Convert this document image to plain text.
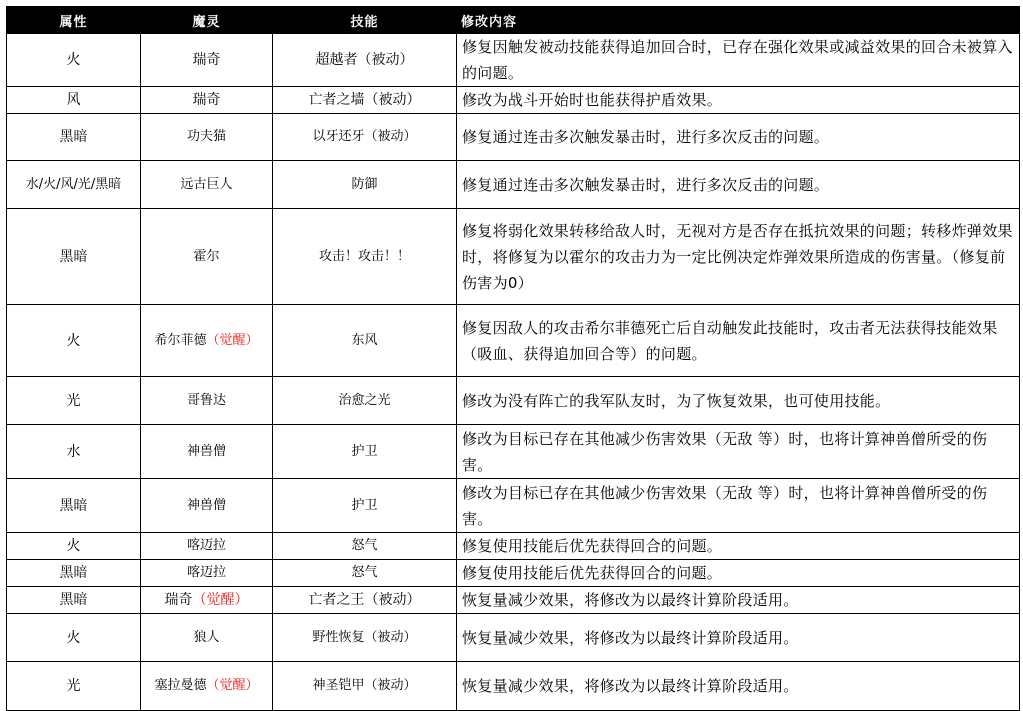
属性	魔灵	技能	修改内容
火	瑞奇	超越者（被动）	修复因触发被动技能获得追加回合时，已存在强化效果或减益效果的回合未被算入的问题。
风	瑞奇	亡者之墙（被动）	修改为战斗开始时也能获得护盾效果。
黑暗	功夫猫	以牙还牙（被动）	修复通过连击多次触发暴击时，进行多次反击的问题。
水/火/风/光/黑暗	远古巨人	防御	修复通过连击多次触发暴击时，进行多次反击的问题。
黑暗	霍尔	攻击！攻击！！	修复将弱化效果转移给敌人时，无视对方是否存在抵抗效果的问题；转移炸弹效果时，将修复为以霍尔的攻击力为一定比例决定炸弹效果所造成的伤害量。（修复前伤害为0）
火	希尔菲德（觉醒）	东风	修复因敌人的攻击希尔菲德死亡后自动触发此技能时，攻击者无法获得技能效果（吸血、获得追加回合等）的问题。
光	哥鲁达	治愈之光	修改为没有阵亡的我军队友时，为了恢复效果，也可使用技能。
水	神兽僧	护卫	修改为目标已存在其他减少伤害效果（无敌 等）时，也将计算神兽僧所受的伤害。
黑暗	神兽僧	护卫	修改为目标已存在其他减少伤害效果（无敌 等）时，也将计算神兽僧所受的伤害。
火	喀迈拉	怒气	修复使用技能后优先获得回合的问题。
黑暗	喀迈拉	怒气	修复使用技能后优先获得回合的问题。
黑暗	瑞奇（觉醒）	亡者之王（被动）	恢复量减少效果，将修改为以最终计算阶段适用。
火	狼人	野性恢复（被动）	恢复量减少效果，将修改为以最终计算阶段适用。
光	塞拉曼德（觉醒）	神圣铠甲（被动）	恢复量减少效果，将修改为以最终计算阶段适用。
